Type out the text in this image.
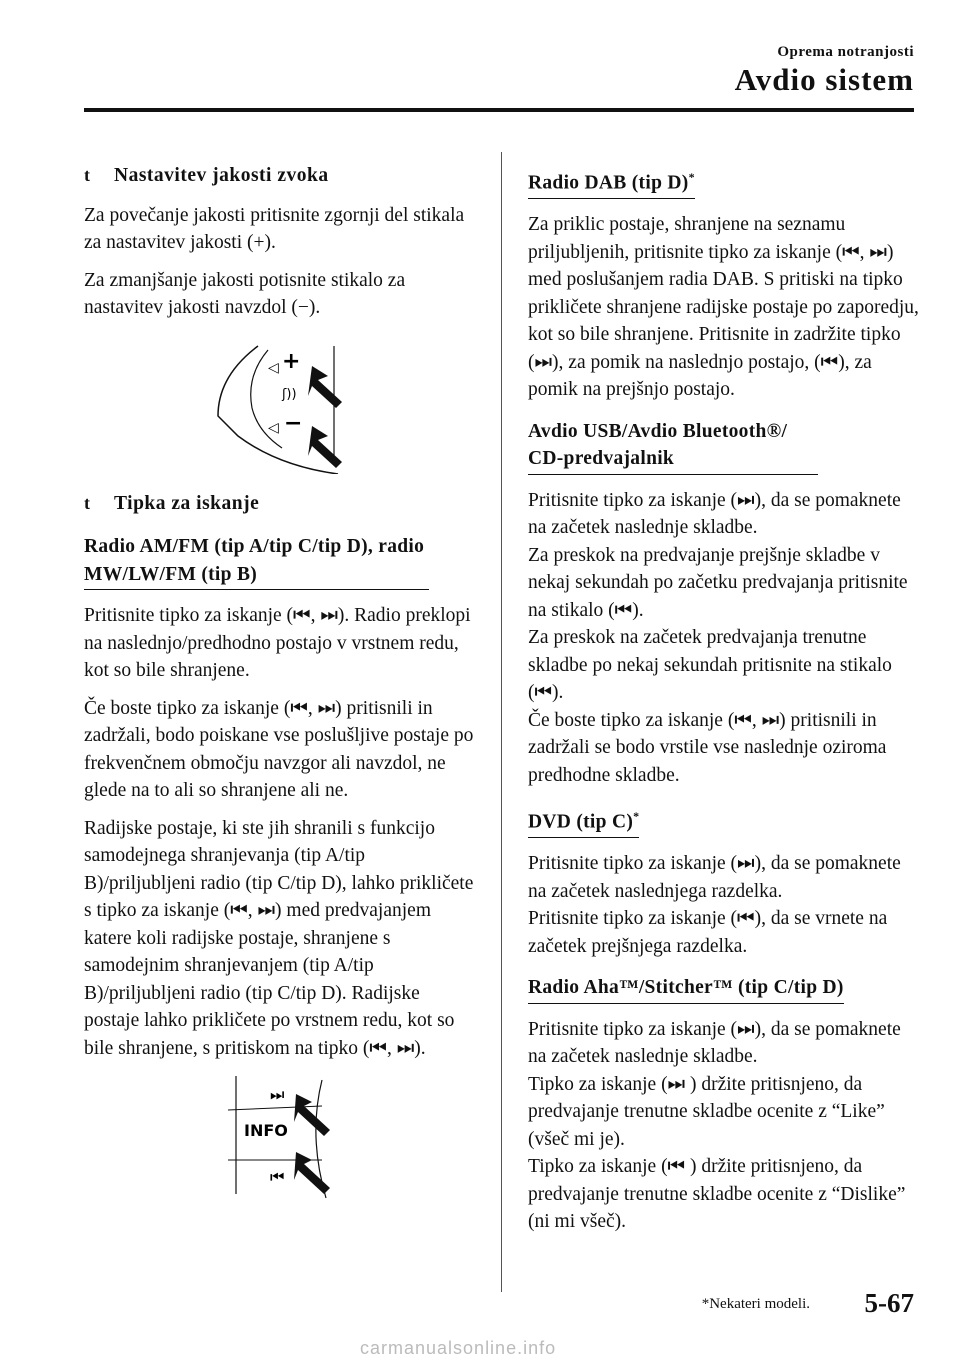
Oprema notranjosti
Avdio sistem
t	Nastavitev jakosti zvoka

Za povečanje jakosti pritisnite zgornji del stikala za nastavitev jakosti (+).

Za zmanjšanje jakosti potisnite stikalo za nastavitev jakosti navzdol (−).

+
◁
ʃ))
◁ −
t	Tipka za iskanje
Radio AM/FM (tip A/tip C/tip D), radio MW/LW/FM (tip B)

Pritisnite tipko za iskanje (⏮, ⏭). Radio preklopi na naslednjo/predhodno postajo v vrstnem redu, kot so bile shranjene.

Če boste tipko za iskanje (⏮, ⏭) pritisnili in zadržali, bodo poiskane vse poslušljive postaje po frekvenčnem območju navzgor ali navzdol, ne glede na to ali so shranjene ali ne.

Radijske postaje, ki ste jih shranili s funkcijo samodejnega shranjevanja (tip A/tip B)/priljubljeni radio (tip C/tip D), lahko prikličete s tipko za iskanje (⏮, ⏭) med predvajanjem katere koli radijske postaje, shranjene s samodejnim shranjevanjem (tip A/tip B)/priljubljeni radio (tip C/tip D). Radijske postaje lahko prikličete po vrstnem redu, kot so bile shranjene, s pritiskom na tipko (⏮, ⏭).

⏭
INFO
⏮
Radio DAB (tip D)*

Za priklic postaje, shranjene na seznamu priljubljenih, pritisnite tipko za iskanje (⏮, ⏭) med poslušanjem radia DAB. S pritiski na tipko prikličete shranjene radijske postaje po zaporedju, kot so bile shranjene. Pritisnite in zadržite tipko (⏭), za pomik na naslednjo postajo, (⏮), za pomik na prejšnjo postajo.

Avdio USB/Avdio Bluetooth®/ CD-predvajalnik

Pritisnite tipko za iskanje (⏭), da se pomaknete na začetek naslednje skladbe.

Za preskok na predvajanje prejšnje skladbe v nekaj sekundah po začetku predvajanja pritisnite na stikalo (⏮).

Za preskok na začetek predvajanja trenutne skladbe po nekaj sekundah pritisnite na stikalo (⏮).

Če boste tipko za iskanje (⏮, ⏭) pritisnili in zadržali se bodo vrstile vse naslednje oziroma predhodne skladbe.

DVD (tip C)*

Pritisnite tipko za iskanje (⏭), da se pomaknete na začetek naslednjega razdelka.

Pritisnite tipko za iskanje (⏮), da se vrnete na začetek prejšnjega razdelka.

Radio Aha™/Stitcher™ (tip C/tip D)

Pritisnite tipko za iskanje (⏭), da se pomaknete na začetek naslednje skladbe.

Tipko za iskanje (⏭ ) držite pritisnjeno, da predvajanje trenutne skladbe ocenite z “Like” (všeč mi je).

Tipko za iskanje (⏮ ) držite pritisnjeno, da predvajanje trenutne skladbe ocenite z “Dislike” (ni mi všeč).

*Nekateri modeli. 5-67
carmanualsonline.info
